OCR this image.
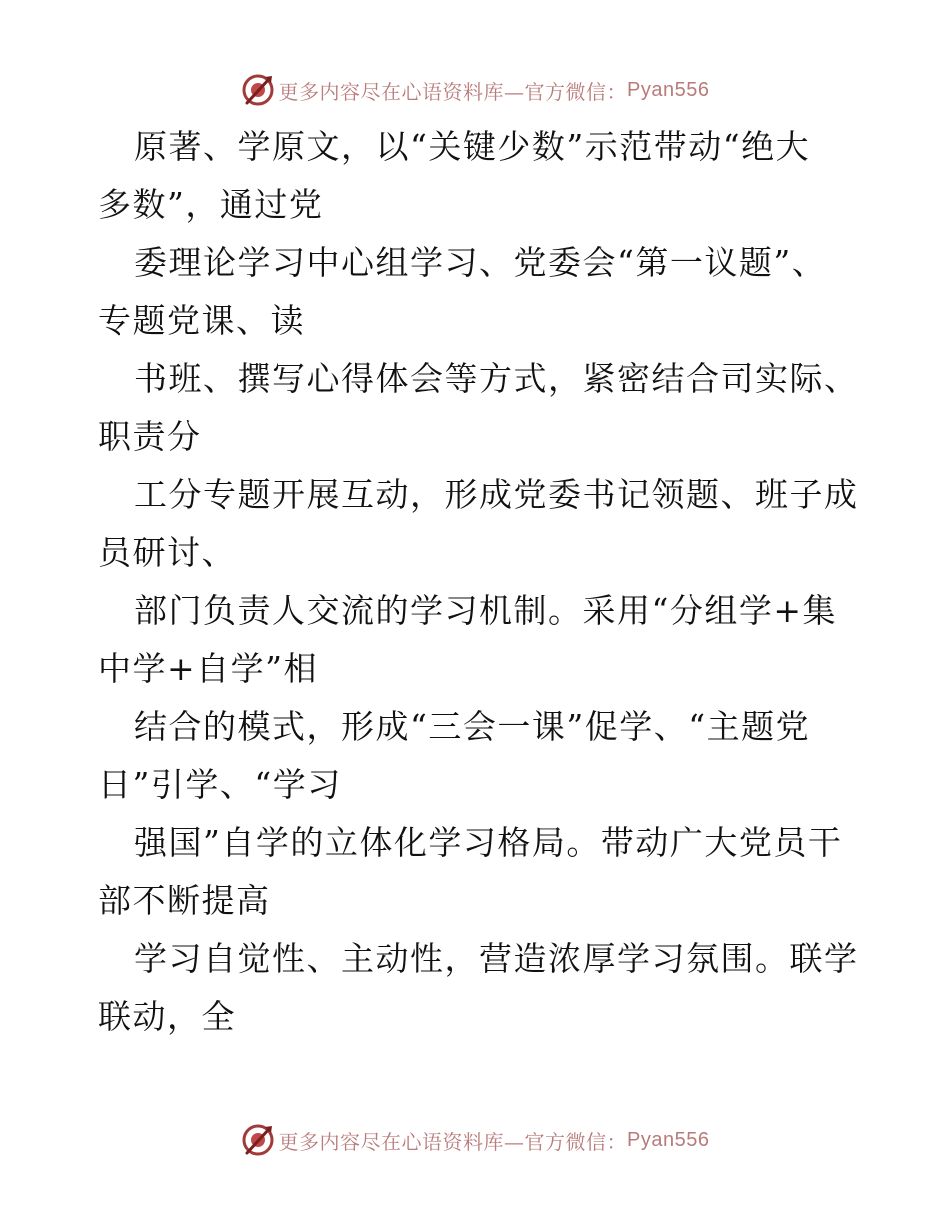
更多内容尽在心语资料库—官方微信： Pyan556
原著、学原文，以“关键少数”示范带动“绝大
多数”，通过党
委理论学习中心组学习、党委会“第一议题”、
专题党课、读
书班、撰写心得体会等方式，紧密结合司实际、
职责分
工分专题开展互动，形成党委书记领题、班子成
员研讨、
部门负责人交流的学习机制。采用“分组学+集
中学+自学”相
结合的模式，形成“三会一课”促学、“主题党
日”引学、“学习
强国”自学的立体化学习格局。带动广大党员干
部不断提高
学习自觉性、主动性，营造浓厚学习氛围。联学
联动，全
更多内容尽在心语资料库—官方微信： Pyan556
